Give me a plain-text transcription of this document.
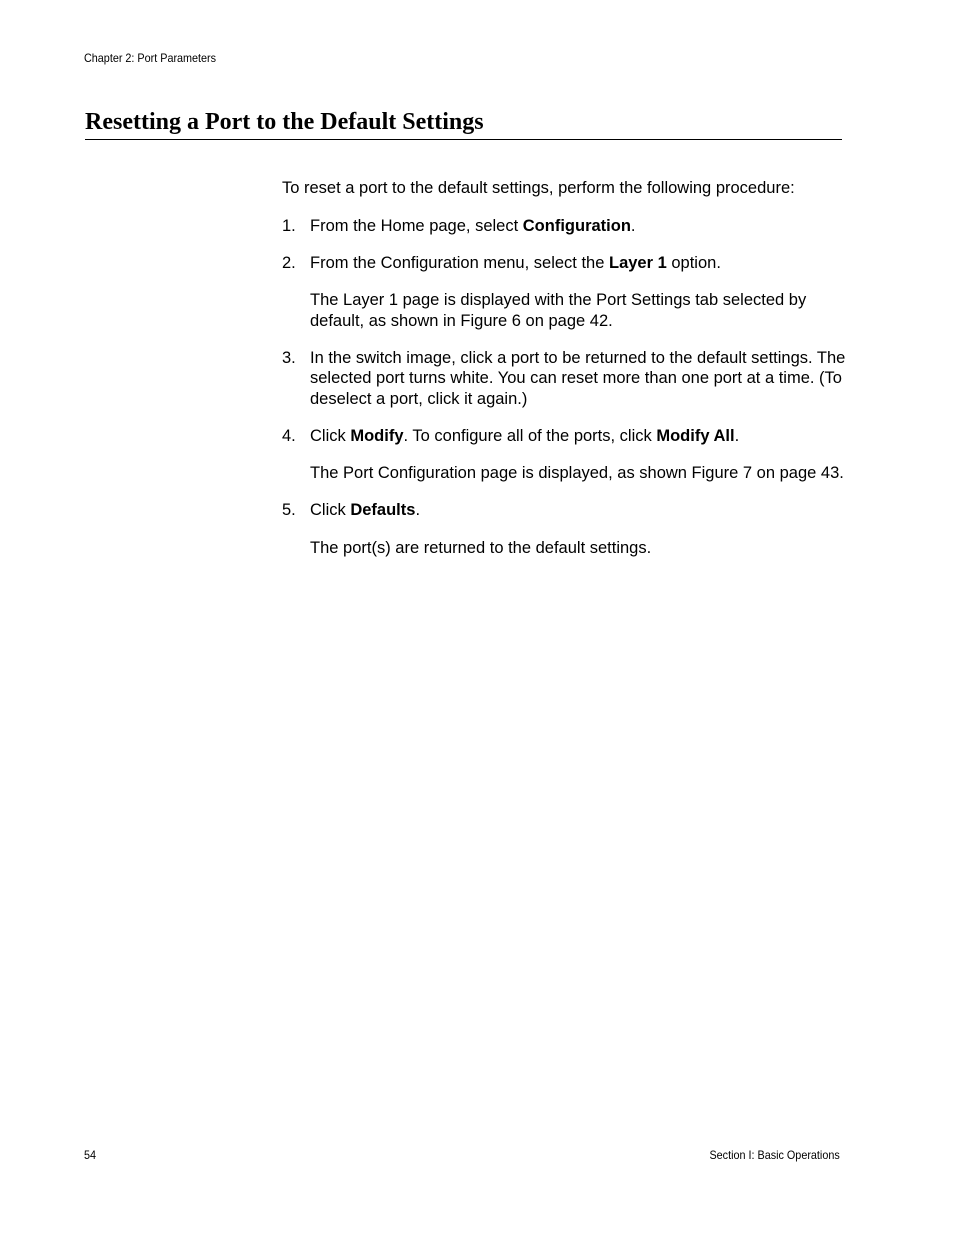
Chapter 2: Port Parameters
Resetting a Port to the Default Settings

To reset a port to the default settings, perform the following procedure:

1. From the Home page, select Configuration.

2. From the Configuration menu, select the Layer 1 option.

The Layer 1 page is displayed with the Port Settings tab selected by default, as shown in Figure 6 on page 42.

3. In the switch image, click a port to be returned to the default settings. The selected port turns white. You can reset more than one port at a time. (To deselect a port, click it again.)

4. Click Modify. To configure all of the ports, click Modify All.

The Port Configuration page is displayed, as shown Figure 7 on page 43.

5. Click Defaults.

The port(s) are returned to the default settings.

54	Section I: Basic Operations
